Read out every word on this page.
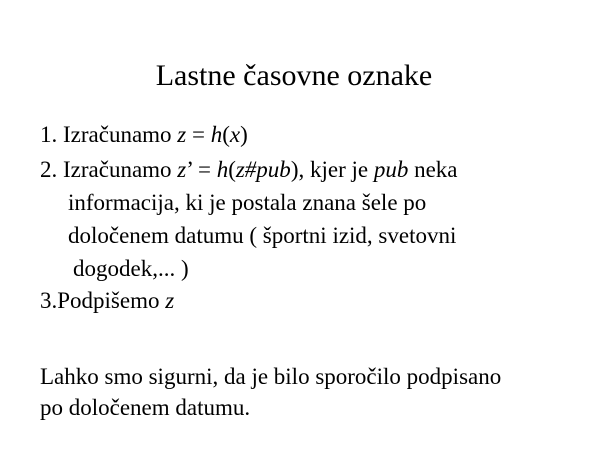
Lastne časovne oznake
1. Izračunamo z = h(x)
2. Izračunamo z’ = h(z#pub), kjer je pub neka
informacija, ki je postala znana šele po
določenem datumu ( športni izid, svetovni
dogodek,... )
3.Podpišemo z
Lahko smo sigurni, da je bilo sporočilo podpisano
po določenem datumu.
